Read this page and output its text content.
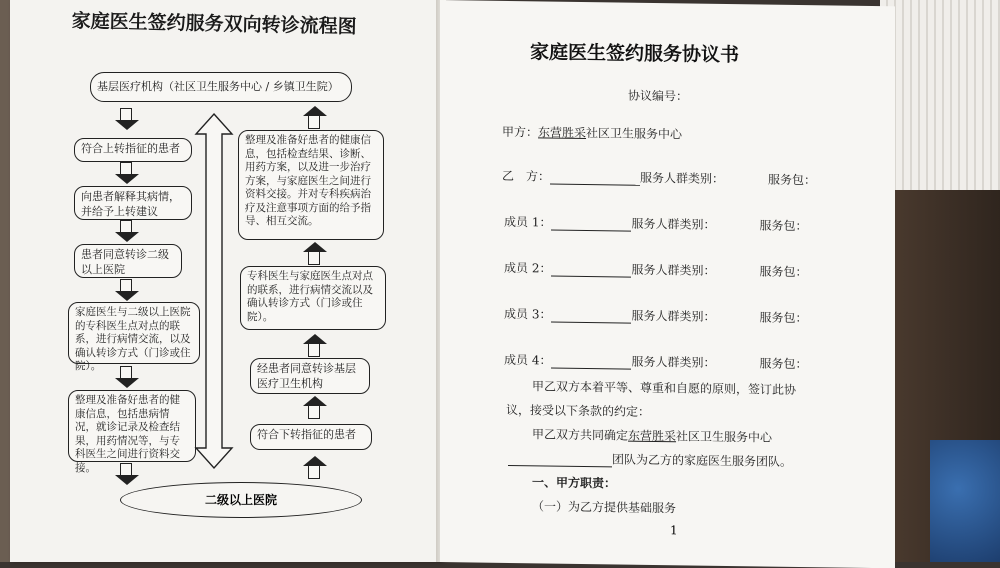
家庭医生签约服务双向转诊流程图
基层医疗机构（社区卫生服务中心 / 乡镇卫生院）
符合上转指征的患者
向患者解释其病情，并给予上转建议
患者同意转诊二级以上医院
家庭医生与二级以上医院的专科医生点对点的联系，进行病情交流，以及确认转诊方式（门诊或住院）。
整理及准备好患者的健康信息，包括患病情况，就诊记录及检查结果，用药情况等，与专科医生之间进行资料交接。
整理及准备好患者的健康信息，包括检查结果、诊断、用药方案，以及进一步治疗方案，与家庭医生之间进行资料交接。并对专科疾病治疗及注意事项方面的给予指导、相互交流。
专科医生与家庭医生点对点的联系，进行病情交流以及确认转诊方式（门诊或住院）。
经患者同意转诊基层医疗卫生机构
符合下转指征的患者
二级以上医院
家庭医生签约服务协议书
协议编号：
甲方：东营胜采社区卫生服务中心
乙　方：	服务人群类别：	服务包：
成员 1：	服务人群类别：	服务包：
成员 2：	服务人群类别：	服务包：
成员 3：	服务人群类别：	服务包：
成员 4：	服务人群类别：	服务包：
甲乙双方本着平等、尊重和自愿的原则，签订此协
议，接受以下条款的约定：
甲乙双方共同确定东营胜采社区卫生服务中心
团队为乙方的家庭医生服务团队。
一、甲方职责：
（一）为乙方提供基础服务
1
